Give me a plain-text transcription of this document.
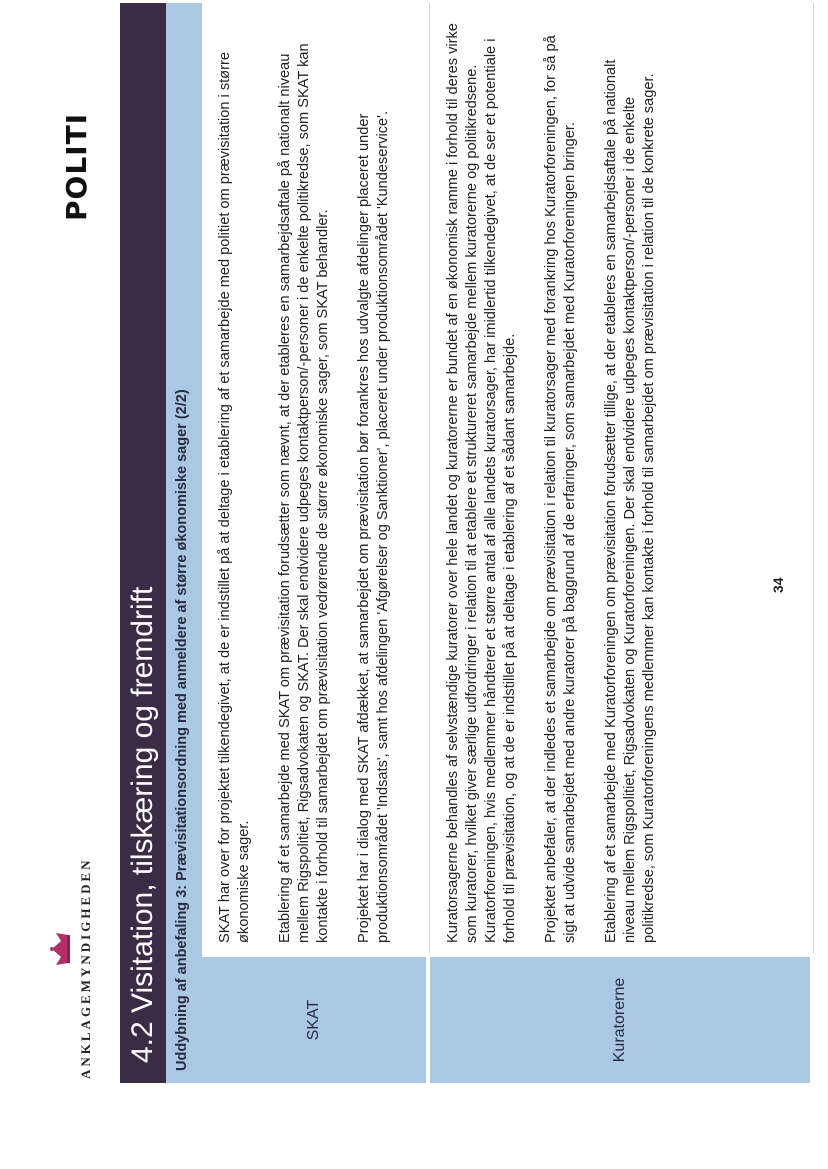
ANKLAGEMYNDIGHEDEN
POLITI
4.2 Visitation, tilskæring og fremdrift Uddybning af anbefaling 3: Prævisitationsordning med anmeldere af større økonomiske sager (2/2)	SKAT

SKAT har over for projektet tilkendegivet, at de er indstillet på at deltage i etablering af et samarbejde med politiet om prævisitation i større økonomiske sager. Etablering af et samarbejde med SKAT om prævisitation forudsætter som nævnt, at der etableres en samarbejdsaftale på nationalt niveau mellem Rigspolitiet, Rigsadvokaten og SKAT. Der skal endvidere udpeges kontaktperson/-personer i de enkelte politikredse, som SKAT kan kontakte i forhold til samarbejdet om prævisitation vedrørende de større økonomiske sager, som SKAT behandler. Projektet har i dialog med SKAT afdækket, at samarbejdet om prævisitation bør forankres hos udvalgte afdelinger placeret under produktionsområdet 'Indsats', samt hos afdelingen 'Afgørelser og Sanktioner', placeret under produktionsområdet 'Kundeservice'.

Kuratorerne

Kuratorsagerne behandles af selvstændige kuratorer over hele landet og kuratorerne er bundet af en økonomisk ramme i forhold til deres virke som kuratorer, hvilket giver særlige udfordringer i relation til at etablere et struktureret samarbejde mellem kuratorerne og politikredsene. Kuratorforeningen, hvis medlemmer håndterer et større antal af alle landets kuratorsager, har imidlertid tilkendegivet, at de ser et potentiale i forhold til prævisitation, og at de er indstillet på at deltage i etablering af et sådant samarbejde. Projektet anbefaler, at der indledes et samarbejde om prævisitation i relation til kuratorsager med forankring hos Kuratorforeningen, for så på sigt at udvide samarbejdet med andre kuratorer på baggrund af de erfaringer, som samarbejdet med Kuratorforeningen bringer. Etablering af et samarbejde med Kuratorforeningen om prævisitation forudsætter tillige, at der etableres en samarbejdsaftale på nationalt niveau mellem Rigspolitiet, Rigsadvokaten og Kuratorforeningen. Der skal endvidere udpeges kontaktperson/-personer i de enkelte politikredse, som Kuratorforeningens medlemmer kan kontakte i forhold til samarbejdet om prævisitation i relation til de konkrete sager.	34
